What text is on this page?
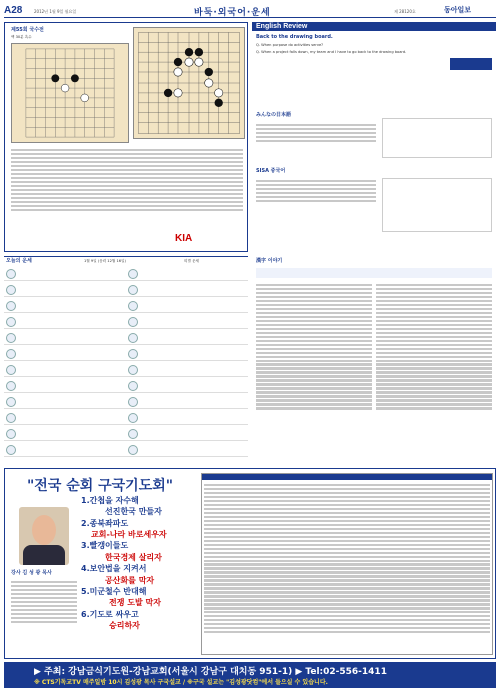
A28	2012년 1월 9일 월요일	바둑·외국어·운세	제 28120호	동아일보
제55회 국수전
백 30분 흑수
KIA
English Review
Back to the drawing board.
Q. When purpose do activities serve?
Q. When a project falls down, my team and I have to go back to the drawing board.
みんなの日本語
SISA 중국어
오늘의 운세	1월 9일 (음력 12월 16일)	띠별 운세	漢字 이야기
"전국 순회 구국기도회"
강사 김 성 광 목사
1.간첩을 자수해
선진한국 만들자
2.종북좌파도
교회-나라 바로세우자
3.빨갱이들도
한국경제 살리자
4.보안법을 지켜서
공산화를 막자
5.미군철수 반대해
전쟁 도발 막자
6.기도로 싸우고
승리하자
▶ 주최: 강남금식기도원-강남교회(서울시 강남구 대치동 951-1) ▶ Tel:02-556-1411
※ CTS기독교TV 매주일밤 10시 김성광 목사 구국설교 / ※구국 설교는 "김성광닷컴"에서 들으실 수 있습니다.
